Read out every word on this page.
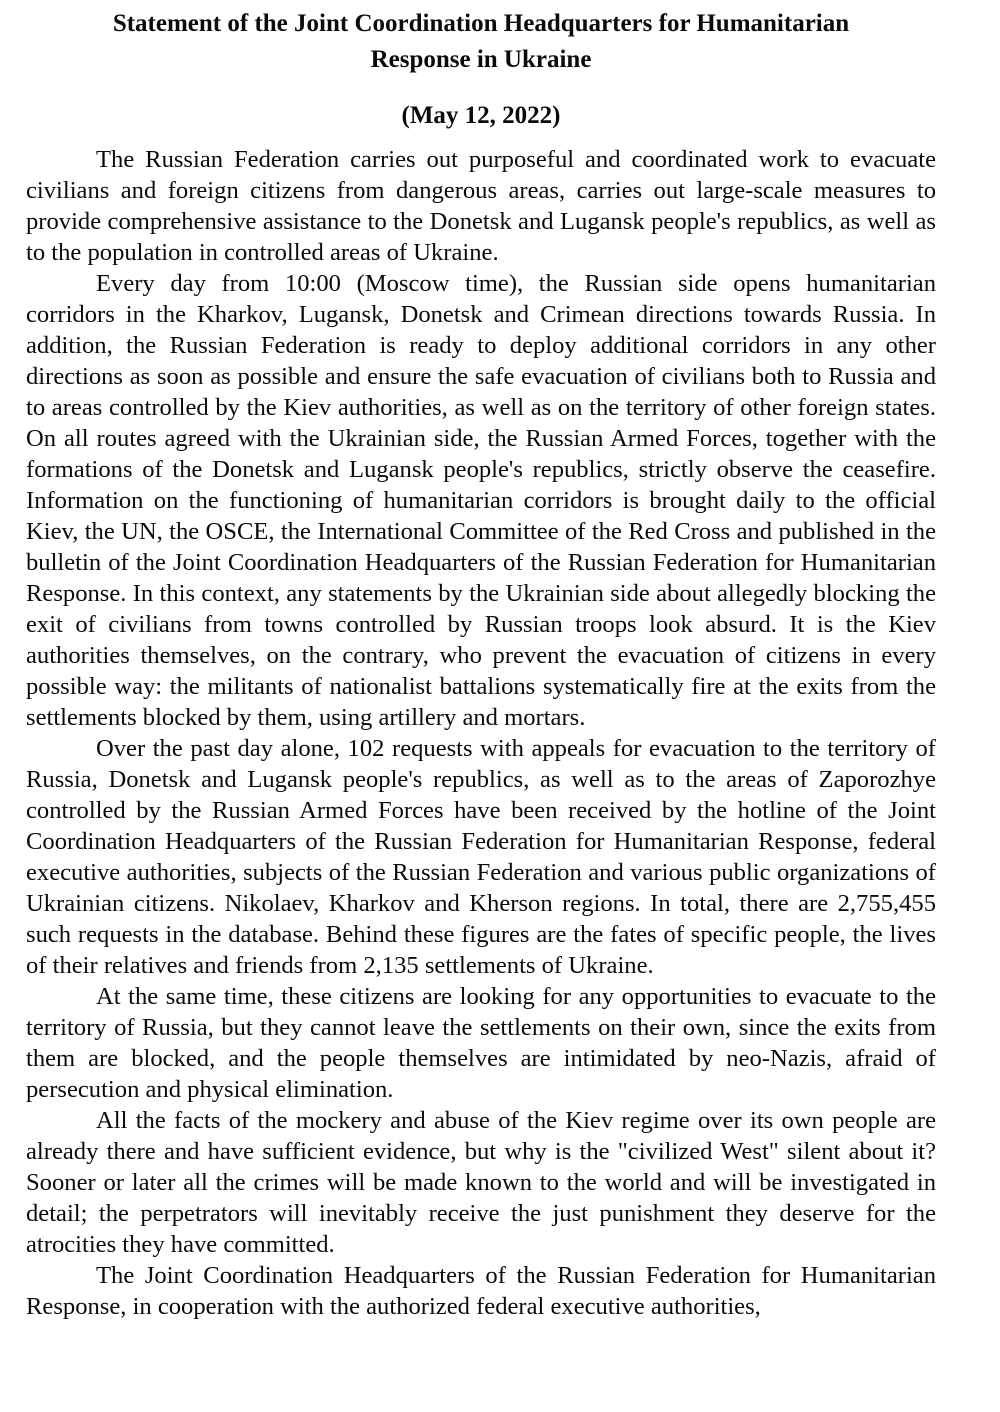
Statement of the Joint Coordination Headquarters for Humanitarian Response in Ukraine
(May 12, 2022)

The Russian Federation carries out purposeful and coordinated work to evacuate civilians and foreign citizens from dangerous areas, carries out large-scale measures to provide comprehensive assistance to the Donetsk and Lugansk people's republics, as well as to the population in controlled areas of Ukraine.

Every day from 10:00 (Moscow time), the Russian side opens humanitarian corridors in the Kharkov, Lugansk, Donetsk and Crimean directions towards Russia. In addition, the Russian Federation is ready to deploy additional corridors in any other directions as soon as possible and ensure the safe evacuation of civilians both to Russia and to areas controlled by the Kiev authorities, as well as on the territory of other foreign states. On all routes agreed with the Ukrainian side, the Russian Armed Forces, together with the formations of the Donetsk and Lugansk people's republics, strictly observe the ceasefire. Information on the functioning of humanitarian corridors is brought daily to the official Kiev, the UN, the OSCE, the International Committee of the Red Cross and published in the bulletin of the Joint Coordination Headquarters of the Russian Federation for Humanitarian Response. In this context, any statements by the Ukrainian side about allegedly blocking the exit of civilians from towns controlled by Russian troops look absurd. It is the Kiev authorities themselves, on the contrary, who prevent the evacuation of citizens in every possible way: the militants of nationalist battalions systematically fire at the exits from the settlements blocked by them, using artillery and mortars.

Over the past day alone, 102 requests with appeals for evacuation to the territory of Russia, Donetsk and Lugansk people's republics, as well as to the areas of Zaporozhye controlled by the Russian Armed Forces have been received by the hotline of the Joint Coordination Headquarters of the Russian Federation for Humanitarian Response, federal executive authorities, subjects of the Russian Federation and various public organizations of Ukrainian citizens. Nikolaev, Kharkov and Kherson regions. In total, there are 2,755,455 such requests in the database. Behind these figures are the fates of specific people, the lives of their relatives and friends from 2,135 settlements of Ukraine.

At the same time, these citizens are looking for any opportunities to evacuate to the territory of Russia, but they cannot leave the settlements on their own, since the exits from them are blocked, and the people themselves are intimidated by neo-Nazis, afraid of persecution and physical elimination.

All the facts of the mockery and abuse of the Kiev regime over its own people are already there and have sufficient evidence, but why is the "civilized West" silent about it? Sooner or later all the crimes will be made known to the world and will be investigated in detail; the perpetrators will inevitably receive the just punishment they deserve for the atrocities they have committed.

The Joint Coordination Headquarters of the Russian Federation for Humanitarian Response, in cooperation with the authorized federal executive authorities,
